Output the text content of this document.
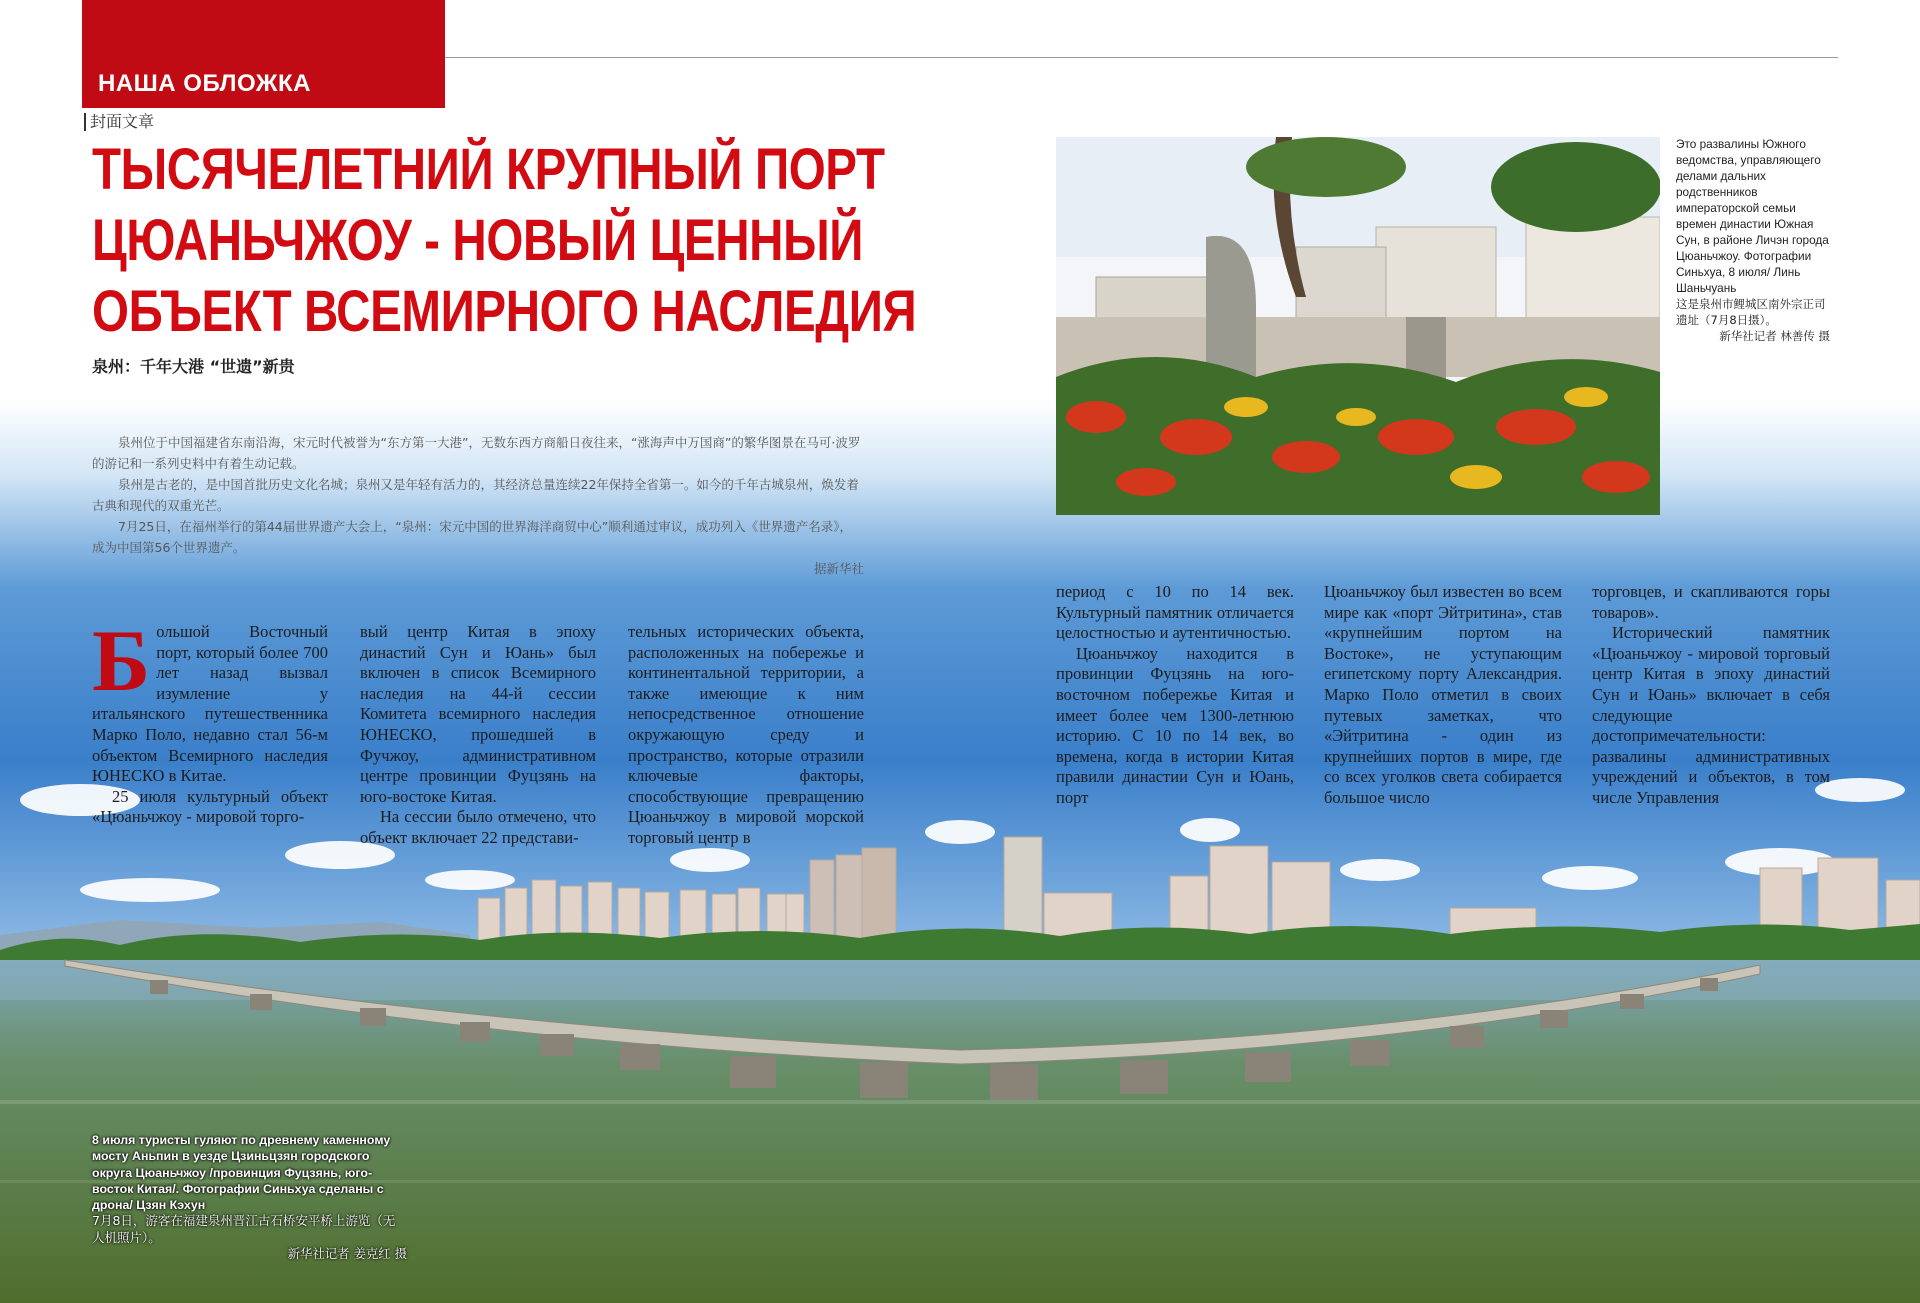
НАША ОБЛОЖКА
封面文章
ТЫСЯЧЕЛЕТНИЙ КРУПНЫЙ ПОРТ
ЦЮАНЬЧЖОУ - НОВЫЙ ЦЕННЫЙ
ОБЪЕКТ ВСЕМИРНОГО НАСЛЕДИЯ
泉州：千年大港 “世遗”新贵

泉州位于中国福建省东南沿海，宋元时代被誉为“东方第一大港”，无数东西方商船日夜往来，“涨海声中万国商”的繁华图景在马可·波罗的游记和一系列史料中有着生动记载。

泉州是古老的，是中国首批历史文化名城；泉州又是年轻有活力的，其经济总量连续22年保持全省第一。如今的千年古城泉州，焕发着古典和现代的双重光芒。

7月25日，在福州举行的第44届世界遗产大会上，“泉州：宋元中国的世界海洋商贸中心”顺利通过审议，成功列入《世界遗产名录》，成为中国第56个世界遗产。

据新华社

Большой Восточный порт, который более 700 лет назад вызвал изумление у итальянского путешественника Марко Поло, недавно стал 56-м объектом Всемирного наследия ЮНЕСКО в Китае.

25 июля культурный объект «Цюаньчжоу - мировой торго-

вый центр Китая в эпоху династий Сун и Юань» был включен в список Всемирного наследия на 44-й сессии Комитета всемирного наследия ЮНЕСКО, прошедшей в Фучжоу, административном центре провинции Фуцзянь на юго-востоке Китая.

На сессии было отмечено, что объект включает 22 представи-

тельных исторических объекта, расположенных на побережье и континентальной территории, а также имеющие к ним непосредственное отношение окружающую среду и пространство, которые отразили ключевые факторы, способствующие превращению Цюаньчжоу в мировой морской торговый центр в

период с 10 по 14 век. Культурный памятник отличается целостностью и аутентичностью.

Цюаньчжоу находится в провинции Фуцзянь на юго-восточном побережье Китая и имеет более чем 1300-летнюю историю. С 10 по 14 век, во времена, когда в истории Китая правили династии Сун и Юань, порт

Цюаньчжоу был известен во всем мире как «порт Эйтритина», став «крупнейшим портом на Востоке», не уступающим египетскому порту Александрия. Марко Поло отметил в своих путевых заметках, что «Эйтритина - один из крупнейших портов в мире, где со всех уголков света собирается большое число

торговцев, и скапливаются горы товаров».

Исторический памятник «Цюаньчжоу - мировой торговый центр Китая в эпоху династий Сун и Юань» включает в себя следующие достопримечательности: развалины административных учреждений и объектов, в том числе Управления

Это развалины Южного ведомства, управляющего делами дальних родственников императорской семьи времен династии Южная Сун, в районе Личэн города Цюаньчжоу. Фотографии Синьхуа, 8 июля/ Линь Шаньчуань
这是泉州市鲤城区南外宗正司遗址（7月8日摄）。
新华社记者 林善传 摄
8 июля туристы гуляют по древнему каменному мосту Аньпин в уезде Цзиньцзян городского округа Цюаньчжоу /провинция Фуцзянь, юго-восток Китая/. Фотографии Синьхуа сделаны с дрона/ Цзян Кэхун
7月8日，游客在福建泉州晋江古石桥安平桥上游览（无人机照片）。
新华社记者 姜克红 摄
